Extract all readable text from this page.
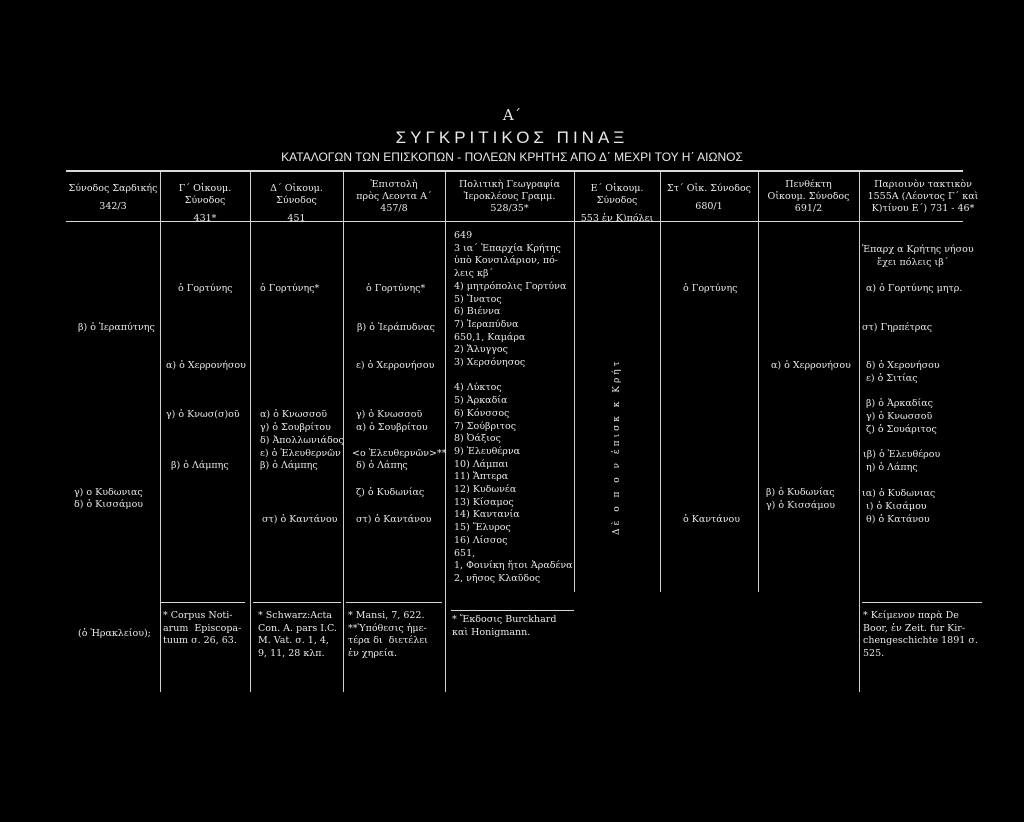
Α΄
ΣΥΓΚΡΙΤΙΚΟΣ ΠΙΝΑΞ
ΚΑΤΑΛΟΓΩΝ ΤΩΝ ΕΠΙΣΚΟΠΩΝ - ΠΟΛΕΩΝ ΚΡΗΤΗΣ ΑΠΟ Δ΄ ΜΕΧΡΙ ΤΟΥ Η΄ ΑΙΩΝΟΣ
Σύνοδος Σαρδικής
342/3
Γ΄ Οἰκουμ. Σύνοδος
431*
Δ΄ Οἰκουμ. Σύνοδος
451
Ἐπιστολὴ
πρὸς Λεοντα Α΄
457/8
Πολιτικὴ Γεωγραφία
Ἱεροκλέους Γραμμ.
528/35*
Ε΄ Οἰκουμ. Σύνοδος
553 ἐν Κ)πόλει
Στ΄ Οἰκ. Σύνοδος
680/1
Πενθέκτη
Οἰκουμ. Σύνοδος
691/2
Παριοινὸν τακτικὸν
1555Α (Λέοντος Γ΄ καὶ
Κ)τίνου Ε΄) 731 - 46*
β) ὁ Ἱεραπύτνης
γ) ο Κυδωνιας
δ) ὁ Κισσάμου
ὁ Γορτύνης
α) ὁ Χερρονήσου
γ) ὁ Κνωσ(σ)οῦ
β) ὁ Λάμπης
ὁ Γορτύνης*
α) ὁ Κνωσσοῦ
γ) ὁ Σουβρίτου
δ) Ἀπολλωνιάδος
ε) ὁ Ἐλευθερνῶν
β) ὁ Λάμπης
στ) ὁ Καντάνου
ὁ Γορτύνης*
β) ὁ Ἱεράπυδνας
ε) ὁ Χερρονήσου
γ) ὁ Κνωσσοῦ
α) ὁ Σουβρίτου
<ο Ἐλευθερνῶν>**
δ) ὁ Λάπης
ζ) ὁ Κυδωνίας
στ) ὁ Καντάνου
649
3 ια΄ Ἐπαρχία Κρήτης
ὑπὸ Κονσιλάριον, πό-
λεις κβ΄
4) μητρόπολις Γορτύνα
5) Ἴνατος
6) Βιέννα
7) Ἱεραπύδνα
650,1, Καμάρα
2) Ἄλυγγος
3) Χερσόνησος

4) Λύκτος
5) Ἀρκαδία
6) Κόνσσος
7) Σούβριτος
8) Ὀάξιος
9) Ἐλευθέρνα
10) Λάμπαι
11) Ἄπτερα
12) Κυδωνέα
13) Κίσαμος
14) Καντανία
15) Ἔλυρος
16) Λίσσος
651,
1, Φοινίκη ἤτοι Ἀραδένα
2, νῆσος Κλαῦδος
Δὲ ο π ο ν ἐπισκ κ Κρήτ
ὁ Γορτύνης
ὁ Καντάνου
α) ὁ Χερρονήσου
β) ὁ Κυδωνίας
γ) ὁ Κισσάμου
Ἐπαρχ α Κρήτης νήσου
ἔχει πόλεις ιβ΄
α) ὁ Γορτύνης μητρ.
στ) Γηρπέτρας
δ) ὁ Χερονήσου
ε) ὁ Σιτίας
β) ὁ Ἀρκαδίας
γ) ὁ Κνωσσοῦ
ζ) ὁ Σουάριτος
ιβ) ὁ Ἐλευθέρου
η) ὁ Λάπης
ια) ὁ Κυδωνιας
ι) ὁ Κισάμου
θ) ὁ Κατάνου
(ὁ Ἡρακλείου);
* Corpus Noti-
arum  Episcopa-
tuum σ. 26, 63.
* Schwarz:Acta
Con. A. pars I.C.
M. Vat. σ. 1, 4,
9, 11, 28 κλπ.
* Mansi, 7, 622.
**Ὑπόθεσις ἡμε-
τέρα δι  διετέλει
ἐν χηρεία.
* Ἔκδοσις Burckhard
καὶ Honigmann.
* Κείμενον παρὰ De
Boor, ἐν Zeit. fur Kir-
chengeschichte 1891 σ.
525.
